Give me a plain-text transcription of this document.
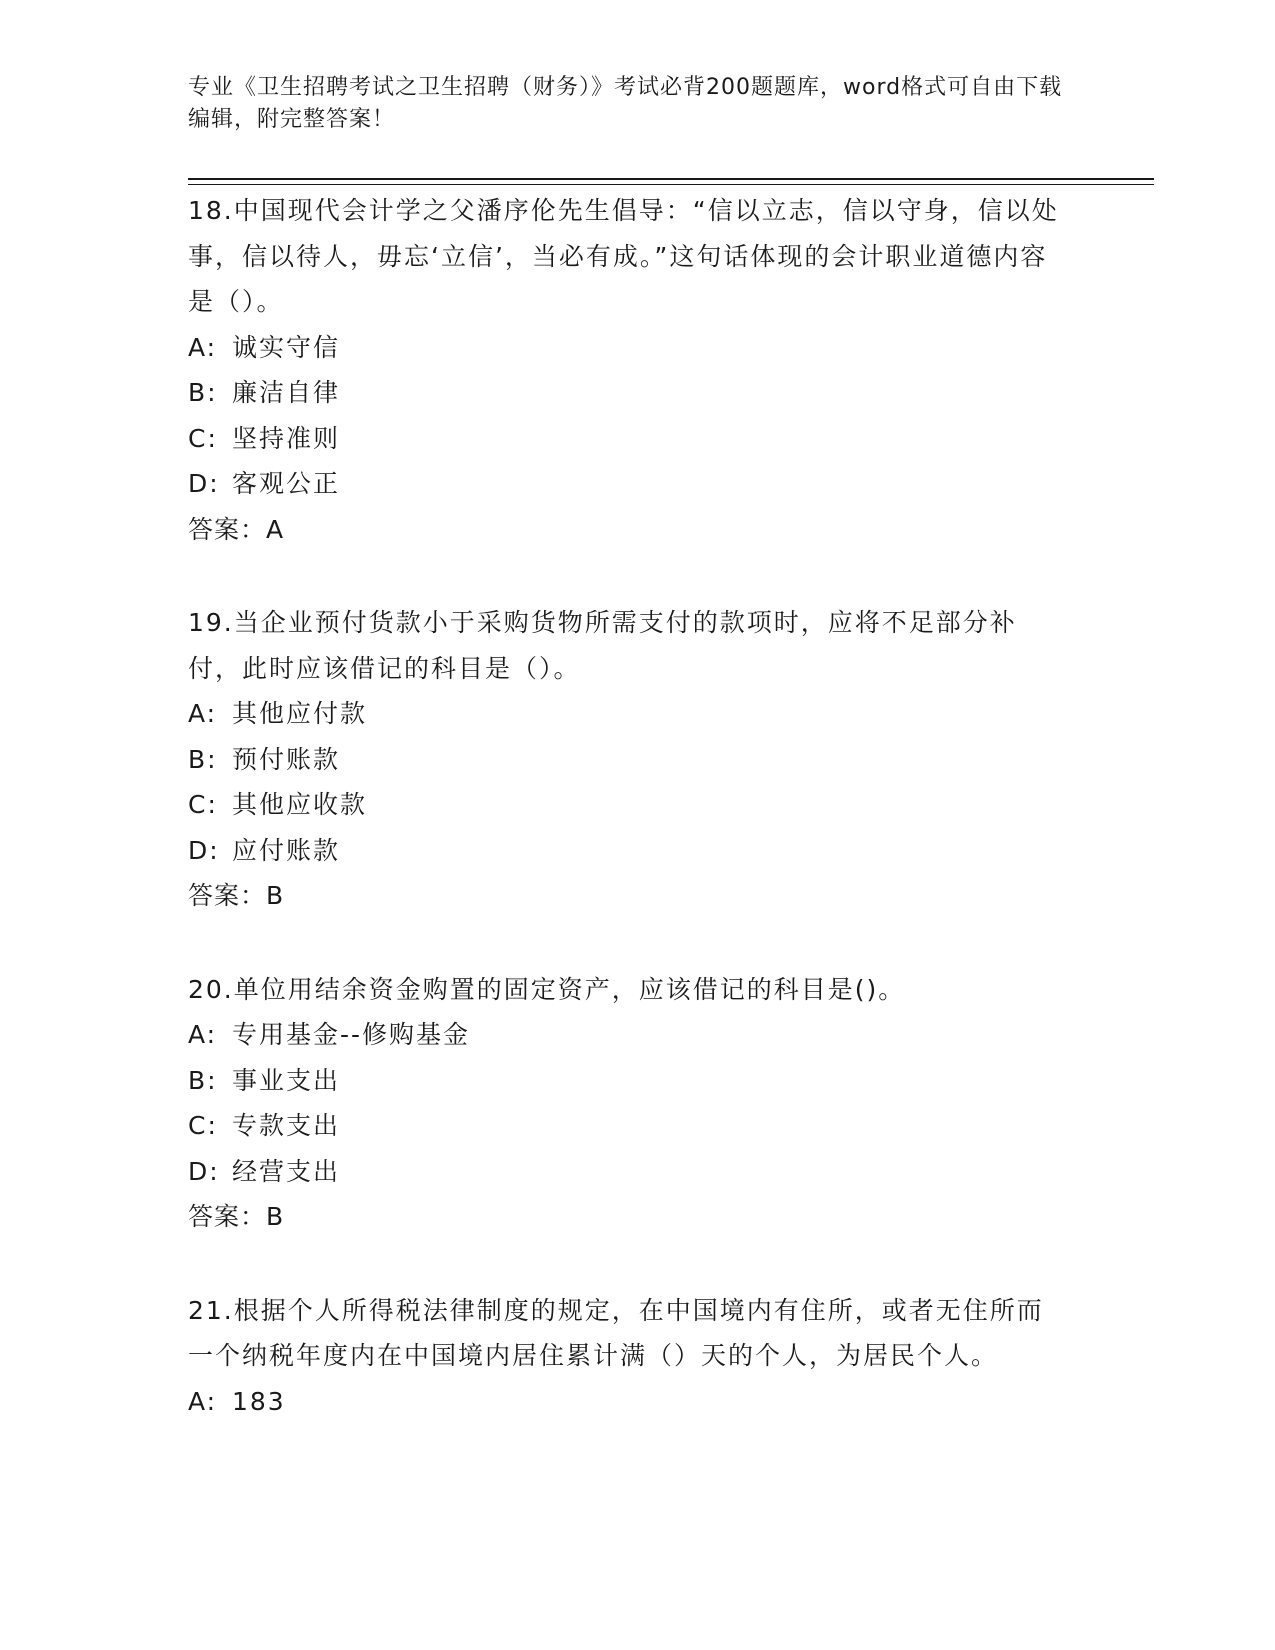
专业《卫生招聘考试之卫生招聘（财务）》考试必背200题题库，word格式可自由下载编辑，附完整答案！

18.中国现代会计学之父潘序伦先生倡导：“信以立志，信以守身，信以处事，信以待人，毋忘‘立信’，当必有成。”这句话体现的会计职业道德内容是（）。

A: 诚实守信
B: 廉洁自律
C: 坚持准则
D: 客观公正
答案：A

19.当企业预付货款小于采购货物所需支付的款项时，应将不足部分补付，此时应该借记的科目是（）。

A: 其他应付款
B: 预付账款
C: 其他应收款
D: 应付账款
答案：B

20.单位用结余资金购置的固定资产，应该借记的科目是()。

A: 专用基金--修购基金
B: 事业支出
C: 专款支出
D: 经营支出
答案：B

21.根据个人所得税法律制度的规定，在中国境内有住所，或者无住所而一个纳税年度内在中国境内居住累计满（）天的个人，为居民个人。

A: 183
